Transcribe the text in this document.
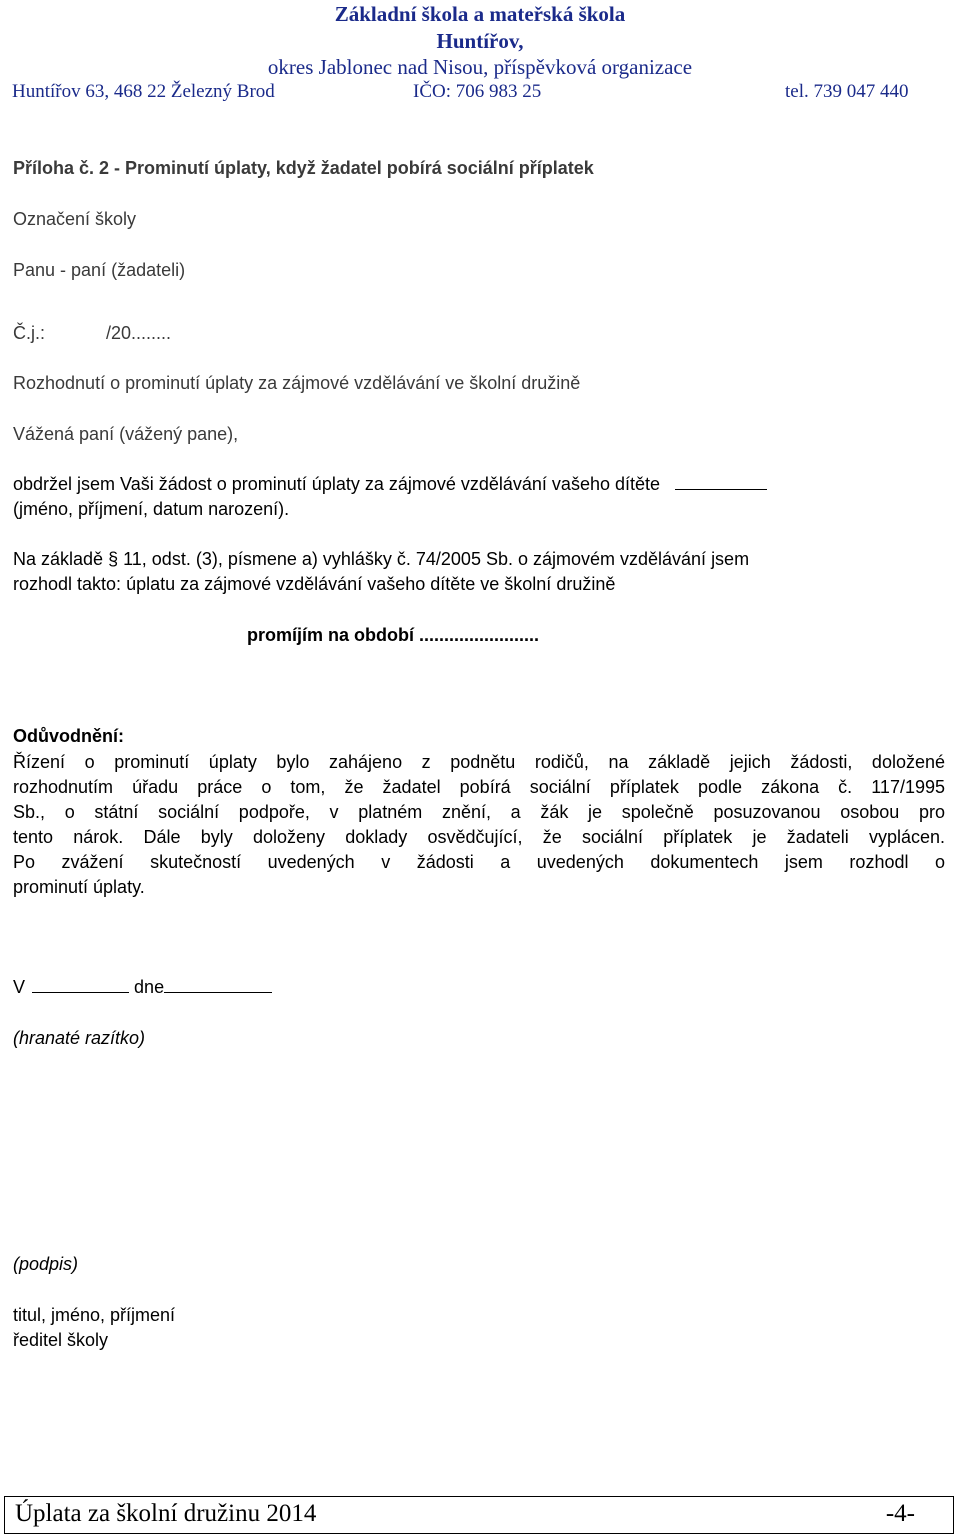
Základní škola a mateřská škola
Huntířov,
okres Jablonec nad Nisou, příspěvková organizace
Huntířov 63, 468 22 Železný Brod	IČO: 706 983 25	tel. 739 047 440
Příloha č. 2 - Prominutí úplaty, když žadatel pobírá sociální příplatek
Označení školy
Panu - paní (žadateli)
Č.j.:	/20........
Rozhodnutí o prominutí úplaty za zájmové vzdělávání ve školní družině
Vážená paní (vážený pane),
obdržel jsem Vaši žádost o prominutí úplaty za zájmové vzdělávání vašeho dítěte
(jméno, příjmení, datum narození).
Na základě § 11, odst. (3), písmene a) vyhlášky č. 74/2005 Sb. o zájmovém vzdělávání jsem
rozhodl takto: úplatu za zájmové vzdělávání vašeho dítěte ve školní družině
promíjím na období ........................
Odůvodnění:
Řízení o prominutí úplaty bylo zahájeno z podnětu rodičů, na základě jejich žádosti, doložené
rozhodnutím úřadu práce o tom, že žadatel pobírá sociální příplatek podle zákona č. 117/1995
Sb., o státní sociální podpoře, v platném znění, a žák je společně posuzovanou osobou pro
tento nárok. Dále byly doloženy doklady osvědčující, že sociální příplatek je žadateli vyplácen.
Po zvážení skutečností uvedených v žádosti a uvedených dokumentech jsem rozhodl o
prominutí úplaty.
V	dne
(hranaté razítko)
(podpis)
titul, jméno, příjmení
ředitel školy
Úplata za školní družinu 2014	-4-
